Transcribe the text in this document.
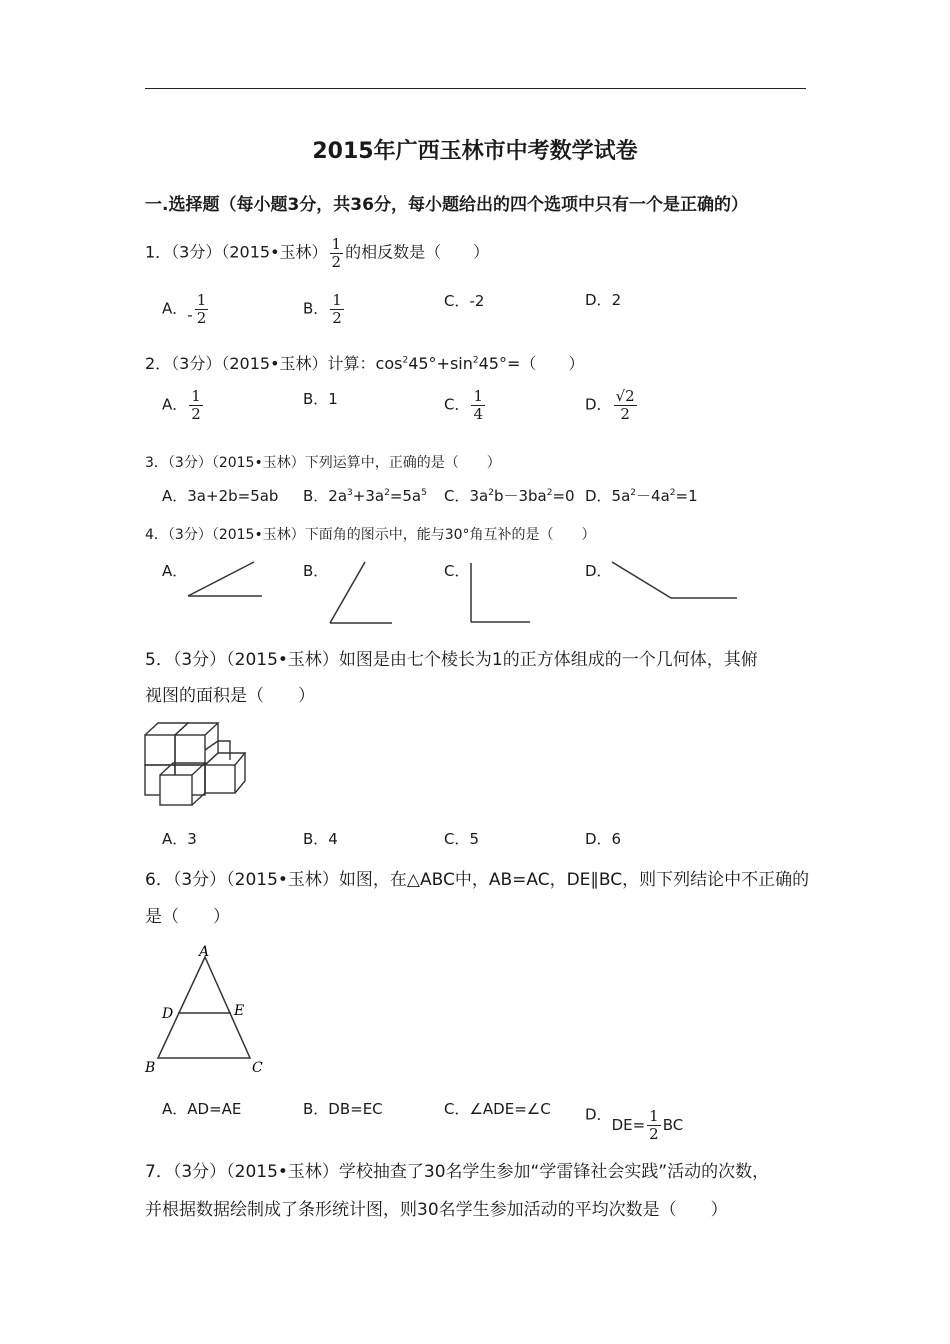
2015年广西玉林市中考数学试卷
一.选择题（每小题3分，共36分，每小题给出的四个选项中只有一个是正确的）
1．（3分）（2015•玉林） $\frac{1}{2}$ 的相反数是（　　）
A．- $\frac{1}{2}$	B． $\frac{1}{2}$	C．-2	D．2
2．（3分）（2015•玉林）计算：$\cos^245^\circ+\sin^245^\circ=$（　　）
A． $\frac{1}{2}$	B．1	C． $\frac{1}{4}$	D． $\frac{√2}{2}$
3．（3分）（2015•玉林）下列运算中，正确的是（　　）
A．3a+2b=5ab B．$2a^3+3a^2=5a^5$ C．$3a^2b-3ba^2=0$ D．$5a^2-4a^2=1$
4．（3分）（2015•玉林）下面角的图示中，能与30°角互补的是（　　）
A．	B．	C．	D．
5．（3分）（2015•玉林）如图是由七个棱长为1的正方体组成的一个几何体，其俯
视图的面积是（　　）
A．3	B．4	C．5	D．6
6．（3分）（2015•玉林）如图，在△ABC中，AB=AC，DE∥BC，则下列结论中不正确的
是（　　）
A
D	E
B	C
A．AD=AE	B．DB=EC	C．∠ADE=∠C D．$DE= \frac{1}{2}$ BC
7．（3分）（2015•玉林）学校抽查了30名学生参加“学雷锋社会实践”活动的次数，
并根据数据绘制成了条形统计图，则30名学生参加活动的平均次数是（　　）
